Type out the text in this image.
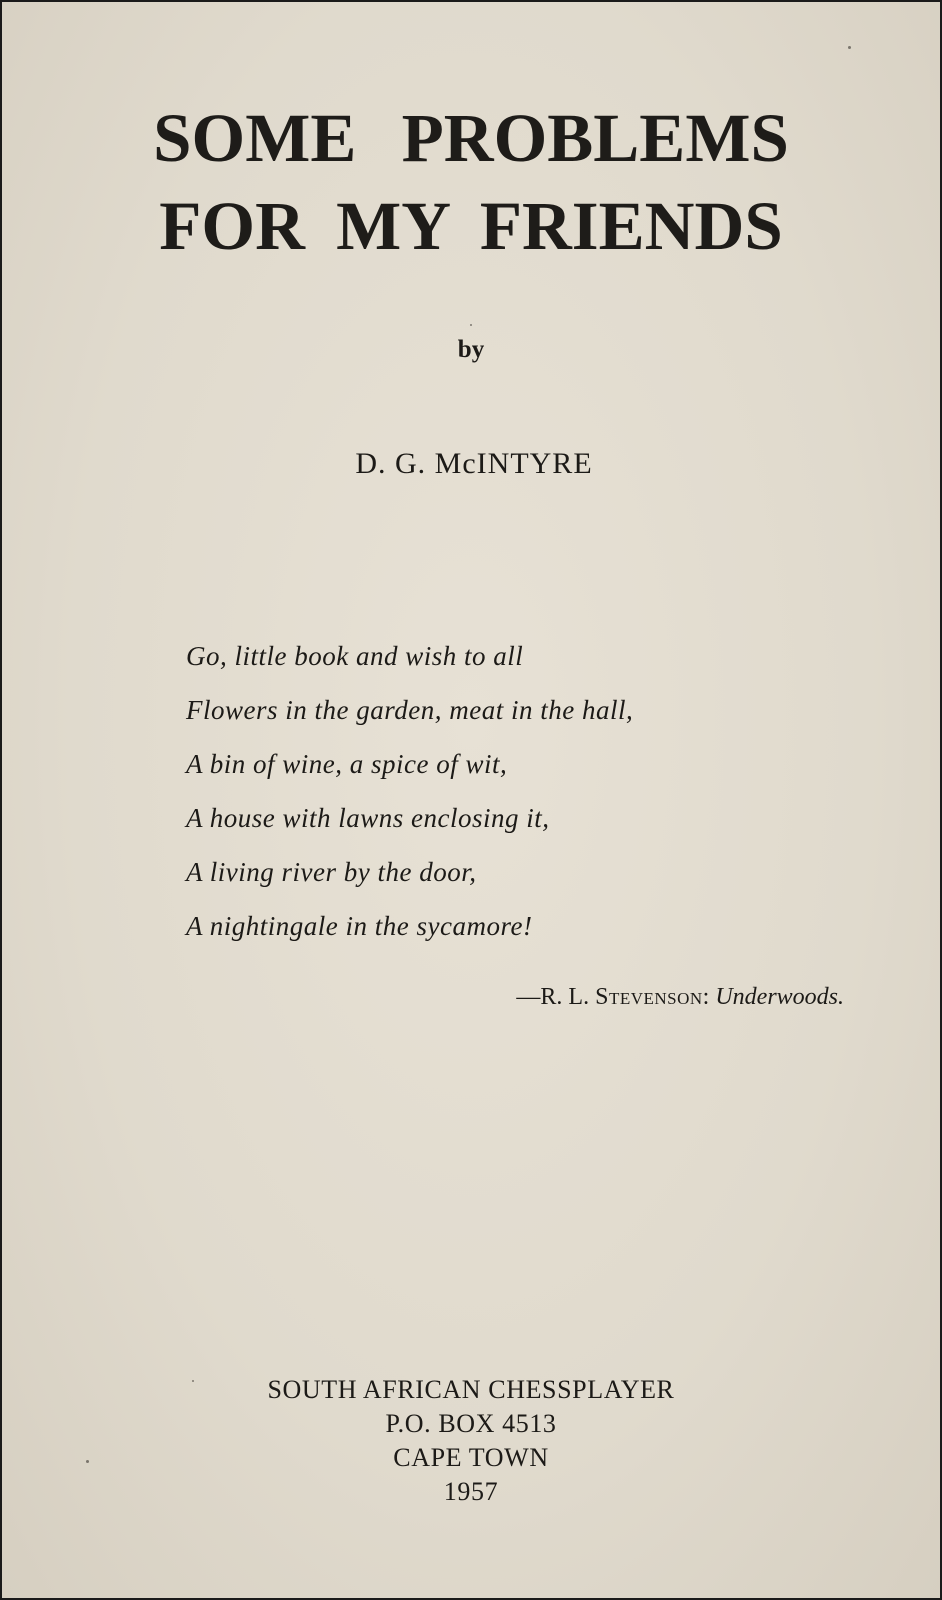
SOME PROBLEMS
FOR MY FRIENDS
by
D. G. McINTYRE
Go, little book and wish to all
Flowers in the garden, meat in the hall,
A bin of wine, a spice of wit,
A house with lawns enclosing it,
A living river by the door,
A nightingale in the sycamore!
—R. L. Stevenson: Underwoods.
SOUTH AFRICAN CHESSPLAYER
P.O. BOX 4513
CAPE TOWN
1957
